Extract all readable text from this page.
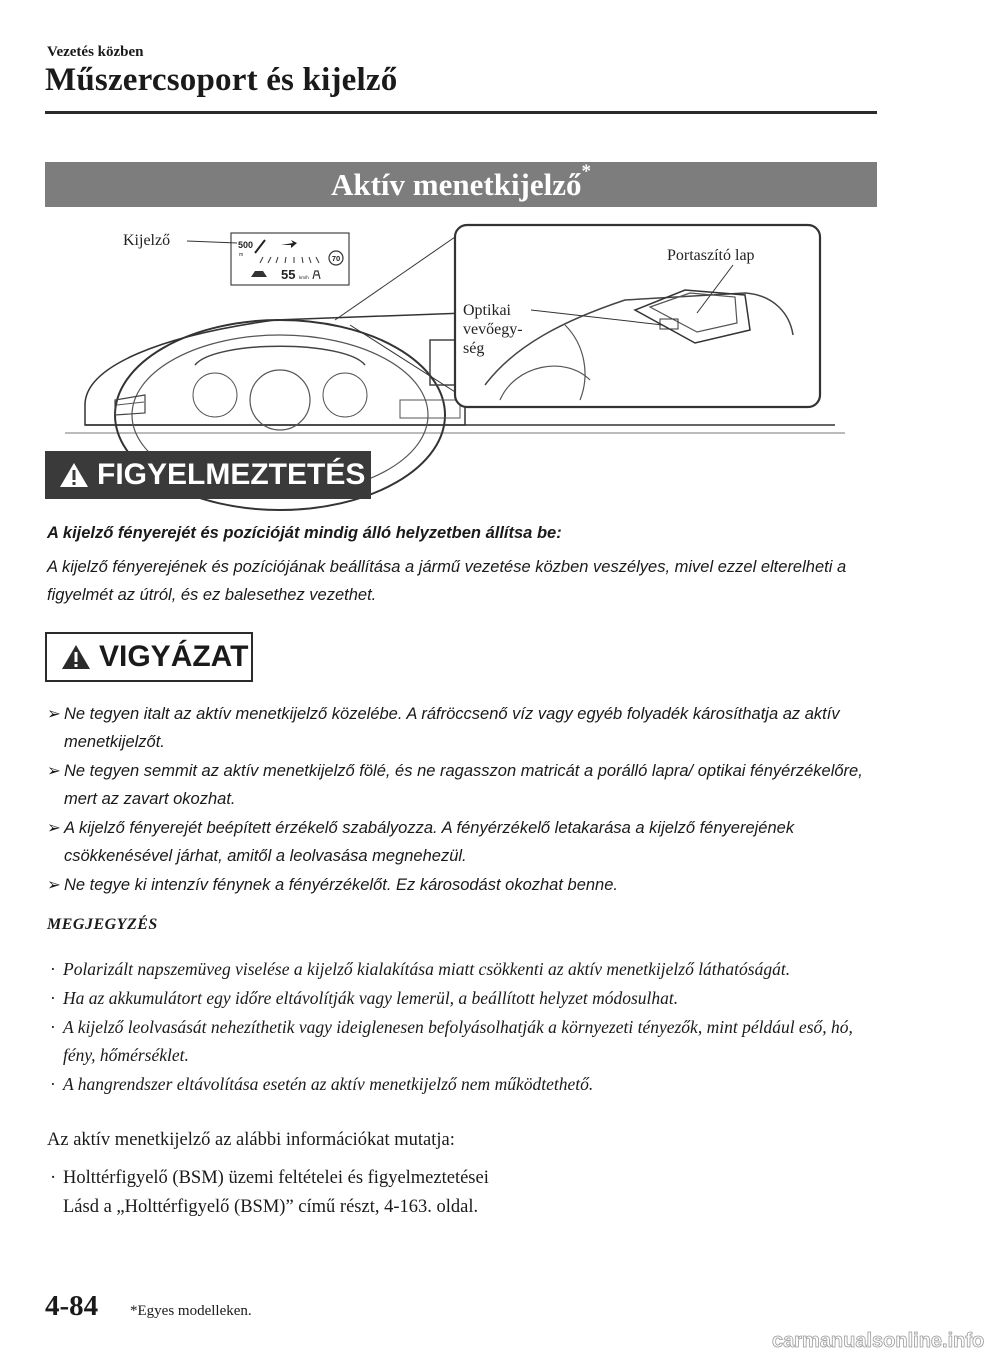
Vezetés közben
Műszercsoport és kijelző
Aktív menetkijelző*
500
m	70
55 km/h
Kijelző
Portaszító lap
Optikai
vevőegy-
ség
FIGYELMEZTETÉS
A kijelző fényerejét és pozícióját mindig álló helyzetben állítsa be:
A kijelző fényerejének és pozíciójának beállítása a jármű vezetése közben veszélyes, mivel ezzel elterelheti a figyelmét az útról, és ez balesethez vezethet.
VIGYÁZAT
➢ Ne tegyen italt az aktív menetkijelző közelébe. A ráfröccsenő víz vagy egyéb folyadék károsíthatja az aktív menetkijelzőt.
➢ Ne tegyen semmit az aktív menetkijelző fölé, és ne ragasszon matricát a porálló lapra/ optikai fényérzékelőre, mert az zavart okozhat.
➢ A kijelző fényerejét beépített érzékelő szabályozza. A fényérzékelő letakarása a kijelző fényerejének csökkenésével járhat, amitől a leolvasása megnehezül.
➢ Ne tegye ki intenzív fénynek a fényérzékelőt. Ez károsodást okozhat benne.
MEGJEGYZÉS
· Polarizált napszemüveg viselése a kijelző kialakítása miatt csökkenti az aktív menetkijelző láthatóságát.
· Ha az akkumulátort egy időre eltávolítják vagy lemerül, a beállított helyzet módosulhat.
· A kijelző leolvasását nehezíthetik vagy ideiglenesen befolyásolhatják a környezeti tényezők, mint például eső, hó, fény, hőmérséklet.
· A hangrendszer eltávolítása esetén az aktív menetkijelző nem működtethető.
Az aktív menetkijelző az alábbi információkat mutatja:
· Holttérfigyelő (BSM) üzemi feltételei és figyelmeztetései
Lásd a „Holttérfigyelő (BSM)” című részt, 4-163. oldal.
4-84 *Egyes modelleken.
carmanualsonline.info
